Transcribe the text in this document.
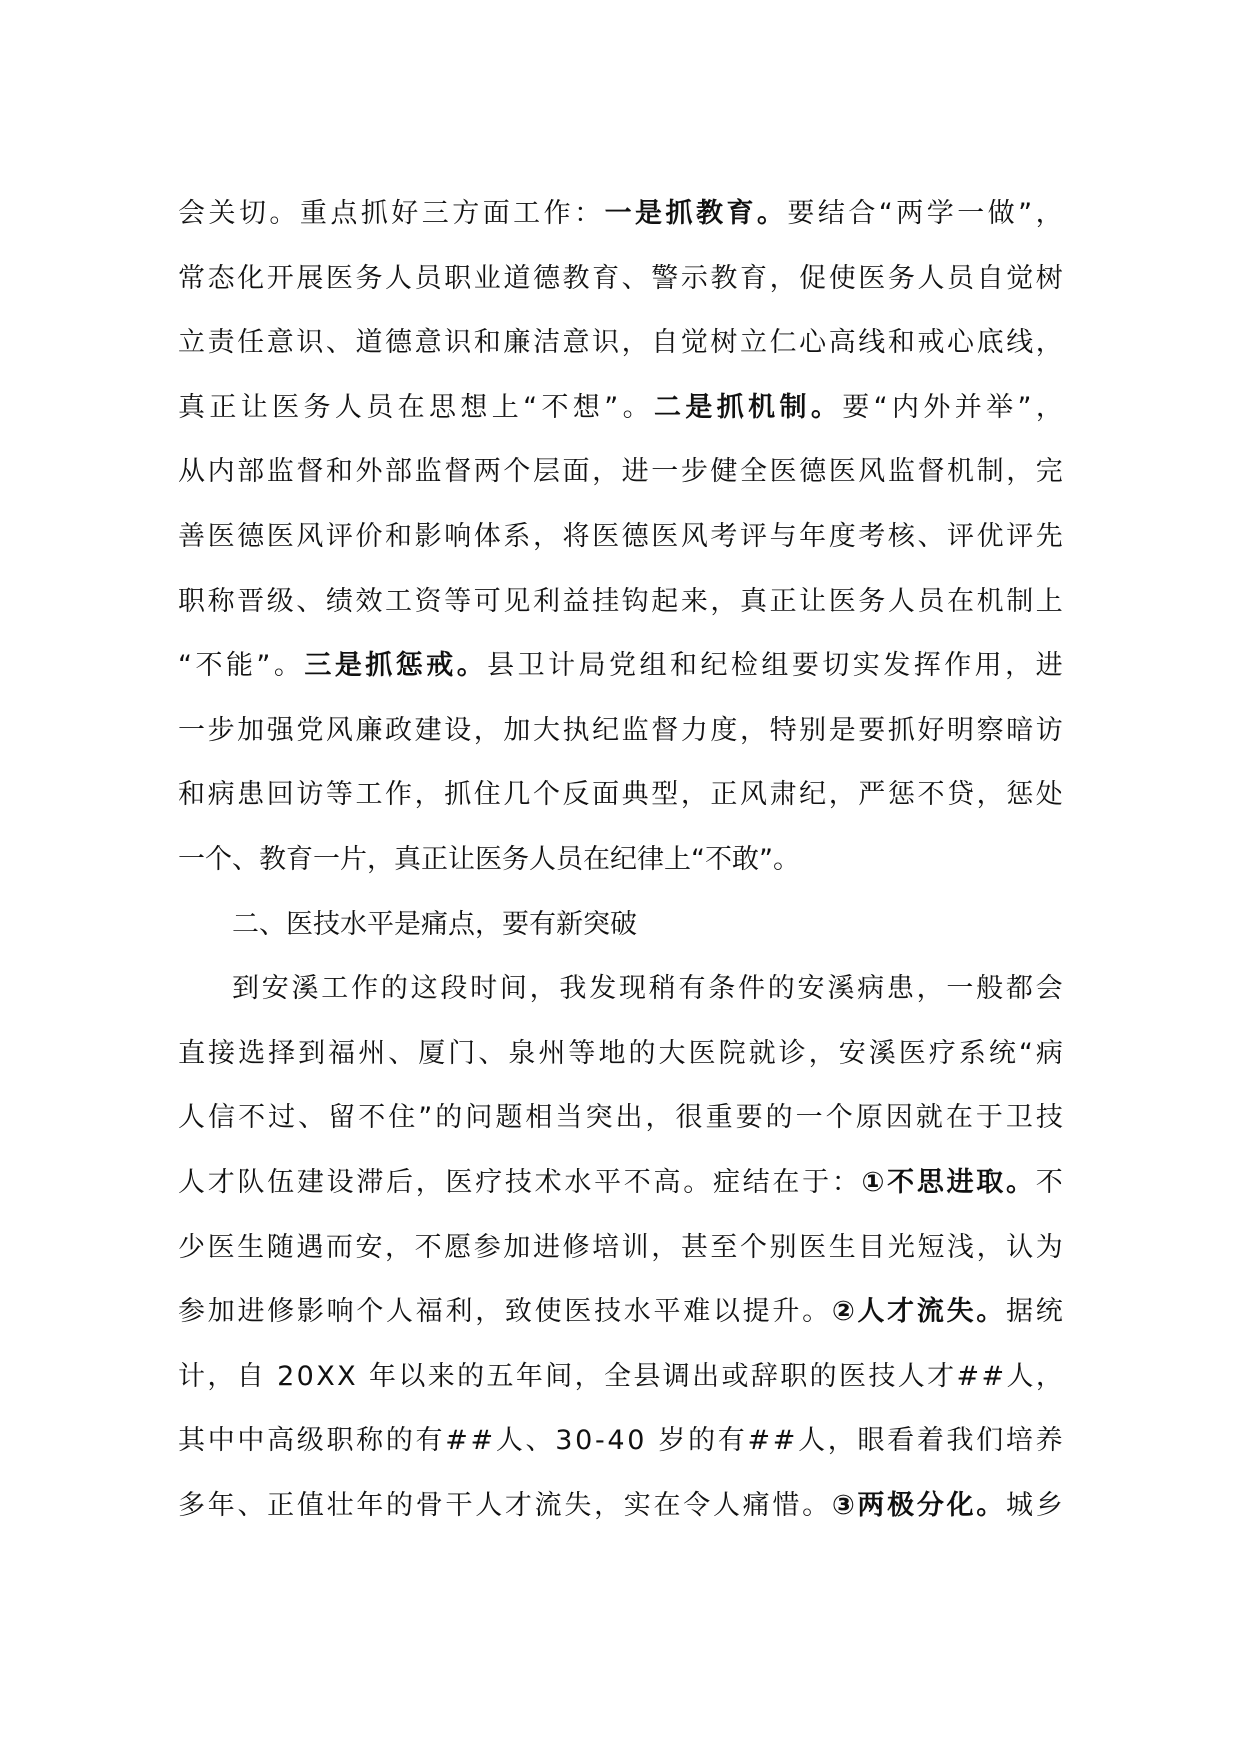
会 关 切 。 重 点 抓 好 三 方 面 工 作 ： 一 是 抓 教 育 。 要 结 合 “ 两 学 一 做 ” ，
常 态 化 开 展 医 务 人 员 职 业 道 德 教 育 、 警 示 教 育 ， 促 使 医 务 人 员 自 觉 树
立 责 任 意 识 、 道 德 意 识 和 廉 洁 意 识 ， 自 觉 树 立 仁 心 高 线 和 戒 心 底 线 ，
真 正 让 医 务 人 员 在 思 想 上 “ 不 想 ” 。 二 是 抓 机 制 。 要 “ 内 外 并 举 ” ，
从 内 部 监 督 和 外 部 监 督 两 个 层 面 ， 进 一 步 健 全 医 德 医 风 监 督 机 制 ， 完
善 医 德 医 风 评 价 和 影 响 体 系 ， 将 医 德 医 风 考 评 与 年 度 考 核 、 评 优 评 先
职 称 晋 级 、 绩 效 工 资 等 可 见 利 益 挂 钩 起 来 ， 真 正 让 医 务 人 员 在 机 制 上
“ 不 能 ” 。 三 是 抓 惩 戒 。 县 卫 计 局 党 组 和 纪 检 组 要 切 实 发 挥 作 用 ， 进
一 步 加 强 党 风 廉 政 建 设 ， 加 大 执 纪 监 督 力 度 ， 特 别 是 要 抓 好 明 察 暗 访
和 病 患 回 访 等 工 作 ， 抓 住 几 个 反 面 典 型 ， 正 风 肃 纪 ， 严 惩 不 贷 ， 惩 处
一 个 、 教 育 一 片 ， 真 正 让 医 务 人 员 在 纪 律 上 “ 不 敢 ” 。
二 、 医 技 水 平 是 痛 点 ， 要 有 新 突 破
到 安 溪 工 作 的 这 段 时 间 ， 我 发 现 稍 有 条 件 的 安 溪 病 患 ， 一 般 都 会
直 接 选 择 到 福 州 、 厦 门 、 泉 州 等 地 的 大 医 院 就 诊 ， 安 溪 医 疗 系 统 “ 病
人 信 不 过 、 留 不 住 ” 的 问 题 相 当 突 出 ， 很 重 要 的 一 个 原 因 就 在 于 卫 技
人 才 队 伍 建 设 滞 后 ， 医 疗 技 术 水 平 不 高 。 症 结 在 于 ： ① 不 思 进 取 。 不
少 医 生 随 遇 而 安 ， 不 愿 参 加 进 修 培 训 ， 甚 至 个 别 医 生 目 光 短 浅 ， 认 为
参 加 进 修 影 响 个 人 福 利 ， 致 使 医 技 水 平 难 以 提 升 。 ② 人 才 流 失 。 据 统
计 ， 自
2 0 X X
年 以 来 的 五 年 间 ， 全 县 调 出 或 辞 职 的 医 技 人 才 # # 人 ，
其 中 中 高 级 职 称 的 有 # # 人 、 3 0 - 4 0
岁 的 有 # # 人 ， 眼 看 着 我 们 培 养
多 年 、 正 值 壮 年 的 骨 干 人 才 流 失 ， 实 在 令 人 痛 惜 。 ③ 两 极 分 化 。 城 乡
